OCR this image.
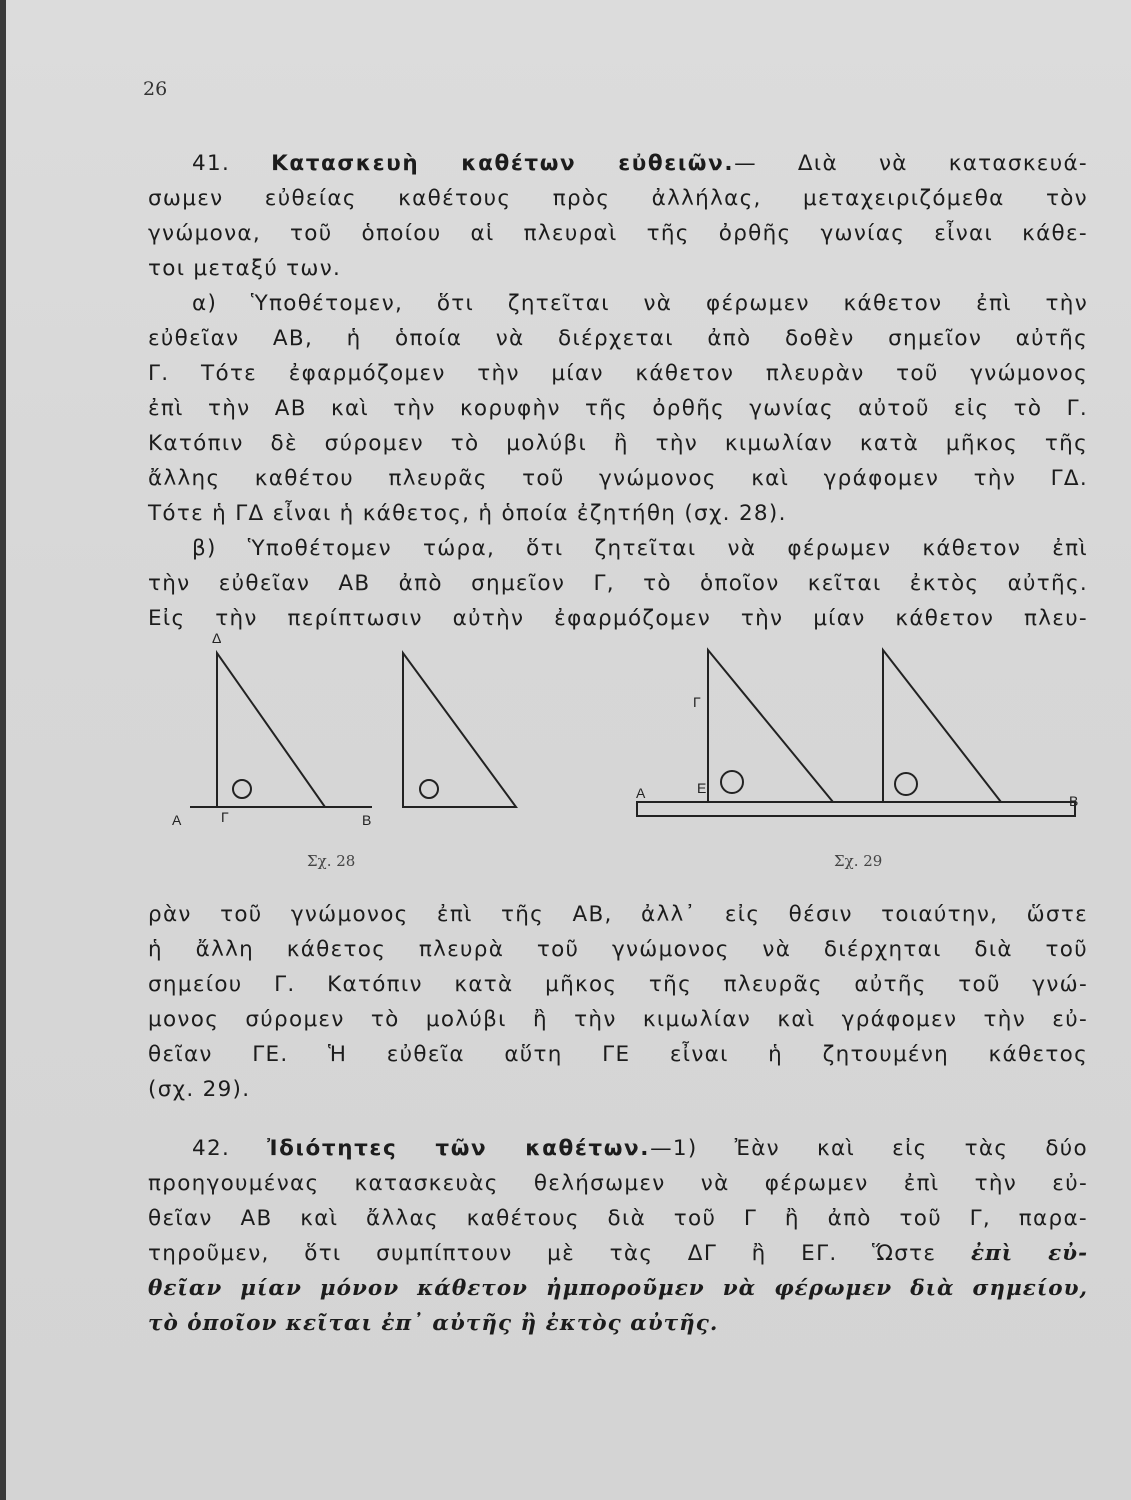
26
41. Κατασκευὴ καθέτων εὐθειῶν.— Διὰ νὰ κατασκευά-
σωμεν εὐθείας καθέτους πρὸς ἀλλήλας, μεταχειριζόμεθα τὸν
γνώμονα, τοῦ ὁποίου αἱ πλευραὶ τῆς ὀρθῆς γωνίας εἶναι κάθε-
τοι μεταξύ των.
α) Ὑποθέτομεν, ὅτι ζητεῖται νὰ φέρωμεν κάθετον ἐπὶ τὴν
εὐθεῖαν ΑΒ, ἡ ὁποία νὰ διέρχεται ἀπὸ δοθὲν σημεῖον αὐτῆς
Γ. Τότε ἐφαρμόζομεν τὴν μίαν κάθετον πλευρὰν τοῦ γνώμονος
ἐπὶ τὴν ΑΒ καὶ τὴν κορυφὴν τῆς ὀρθῆς γωνίας αὐτοῦ εἰς τὸ Γ.
Κατόπιν δὲ σύρομεν τὸ μολύβι ἢ τὴν κιμωλίαν κατὰ μῆκος τῆς
ἄλλης καθέτου πλευρᾶς τοῦ γνώμονος καὶ γράφομεν τὴν ΓΔ.
Τότε ἡ ΓΔ εἶναι ἡ κάθετος, ἡ ὁποία ἐζητήθη (σχ. 28).
β) Ὑποθέτομεν τώρα, ὅτι ζητεῖται νὰ φέρωμεν κάθετον ἐπὶ
τὴν εὐθεῖαν ΑΒ ἀπὸ σημεῖον Γ, τὸ ὁποῖον κεῖται ἐκτὸς αὐτῆς.
Εἰς τὴν περίπτωσιν αὐτὴν ἐφαρμόζομεν τὴν μίαν κάθετον πλευ-
Δ
Α	Γ	Β
Σχ. 28
Γ
Α	Ε
Β
Σχ. 29
ρὰν τοῦ γνώμονος ἐπὶ τῆς ΑΒ, ἀλλ᾽ εἰς θέσιν τοιαύτην, ὥστε
ἡ ἄλλη κάθετος πλευρὰ τοῦ γνώμονος νὰ διέρχηται διὰ τοῦ
σημείου Γ. Κατόπιν κατὰ μῆκος τῆς πλευρᾶς αὐτῆς τοῦ γνώ-
μονος σύρομεν τὸ μολύβι ἢ τὴν κιμωλίαν καὶ γράφομεν τὴν εὐ-
θεῖαν ΓΕ. Ἡ εὐθεῖα αὕτη ΓΕ εἶναι ἡ ζητουμένη κάθετος
(σχ. 29).
42. Ἰδιότητες τῶν καθέτων.—1) Ἐὰν καὶ εἰς τὰς δύο
προηγουμένας κατασκευὰς θελήσωμεν νὰ φέρωμεν ἐπὶ τὴν εὐ-
θεῖαν ΑΒ καὶ ἄλλας καθέτους διὰ τοῦ Γ ἢ ἀπὸ τοῦ Γ, παρα-
τηροῦμεν, ὅτι συμπίπτουν μὲ τὰς ΔΓ ἢ ΕΓ. Ὥστε ἐπὶ εὐ-
θεῖαν μίαν μόνον κάθετον ἠμποροῦμεν νὰ φέρωμεν διὰ σημείου,
τὸ ὁποῖον κεῖται ἐπ᾽ αὐτῆς ἢ ἐκτὸς αὐτῆς.
